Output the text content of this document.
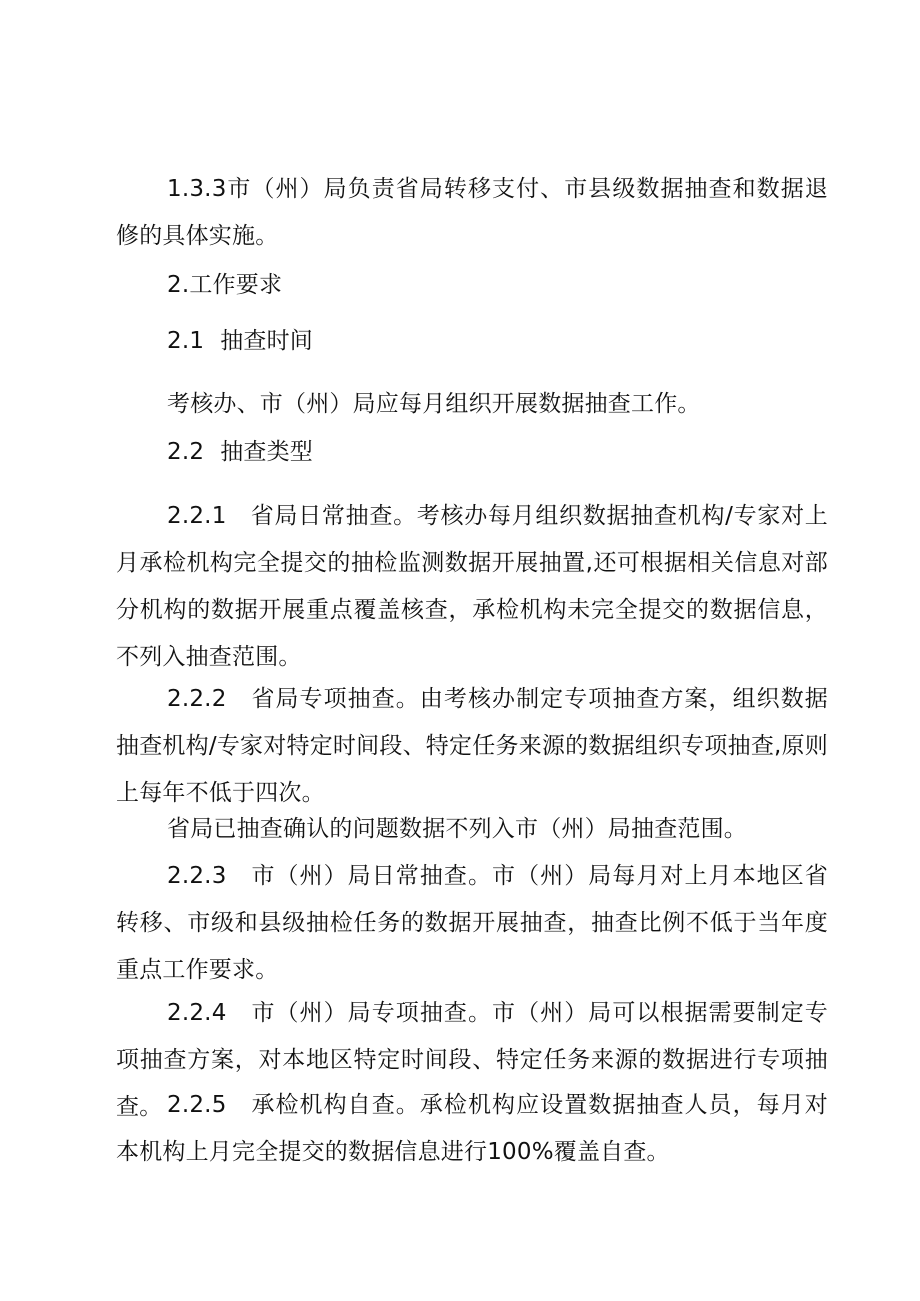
1.3.3市（州）局负责省局转移支付、市县级数据抽查和数据退修的具体实施。

2.工作要求

2.1 抽查时间

考核办、市（州）局应每月组织开展数据抽查工作。

2.2 抽查类型

2.2.1　省局日常抽查。考核办每月组织数据抽查机构/专家对上月承检机构完全提交的抽检监测数据开展抽置,还可根据相关信息对部分机构的数据开展重点覆盖核查，承检机构未完全提交的数据信息，不列入抽查范围。

2.2.2　省局专项抽查。由考核办制定专项抽查方案，组织数据抽查机构/专家对特定时间段、特定任务来源的数据组织专项抽查,原则上每年不低于四次。

省局已抽查确认的问题数据不列入市（州）局抽查范围。

2.2.3　市（州）局日常抽查。市（州）局每月对上月本地区省转移、市级和县级抽检任务的数据开展抽查，抽查比例不低于当年度重点工作要求。

2.2.4　市（州）局专项抽查。市（州）局可以根据需要制定专项抽查方案，对本地区特定时间段、特定任务来源的数据进行专项抽查。 2.2.5　承检机构自查。承检机构应设置数据抽查人员，每月对本机构上月完全提交的数据信息进行100%覆盖自查。
